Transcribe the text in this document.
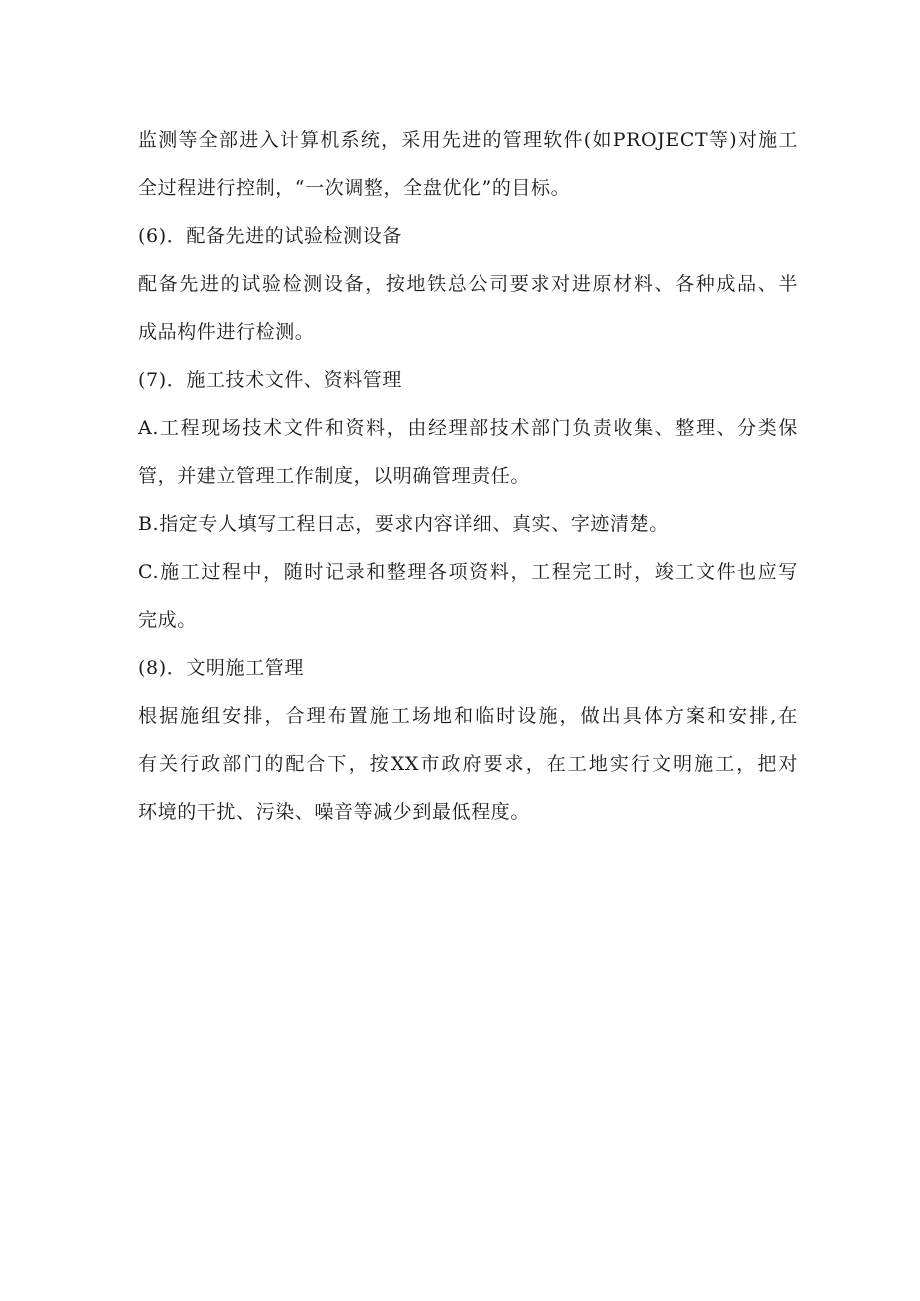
监测等全部进入计算机系统，采用先进的管理软件(如PROJECT等)对施工
全过程进行控制，“一次调整，全盘优化”的目标。
(6)．配备先进的试验检测设备
配备先进的试验检测设备，按地铁总公司要求对进原材料、各种成品、半
成品构件进行检测。
(7)．施工技术文件、资料管理
A.工程现场技术文件和资料，由经理部技术部门负责收集、整理、分类保
管，并建立管理工作制度，以明确管理责任。
B.指定专人填写工程日志，要求内容详细、真实、字迹清楚。
C.施工过程中，随时记录和整理各项资料，工程完工时，竣工文件也应写
完成。
(8)．文明施工管理
根据施组安排，合理布置施工场地和临时设施，做出具体方案和安排,在
有关行政部门的配合下，按XX市政府要求，在工地实行文明施工，把对
环境的干扰、污染、噪音等减少到最低程度。
